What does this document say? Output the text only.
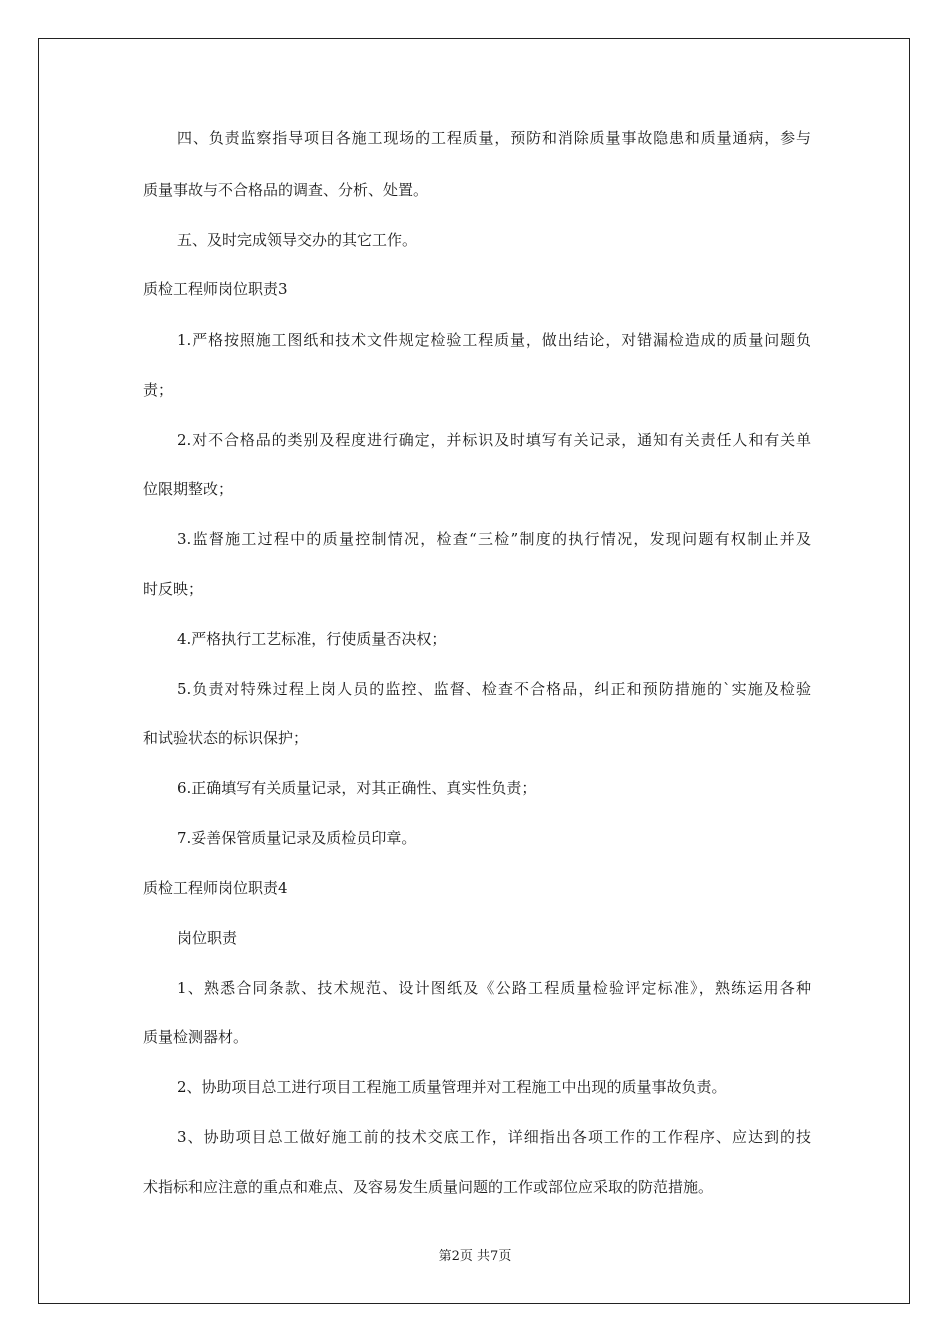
四、负责监察指导项目各施工现场的工程质量，预防和消除质量事故隐患和质量通病，参与
质量事故与不合格品的调查、分析、处置。
五、及时完成领导交办的其它工作。
质检工程师岗位职责3
1.严格按照施工图纸和技术文件规定检验工程质量，做出结论，对错漏检造成的质量问题负
责；
2.对不合格品的类别及程度进行确定，并标识及时填写有关记录，通知有关责任人和有关单
位限期整改；
3.监督施工过程中的质量控制情况，检查“三检”制度的执行情况，发现问题有权制止并及
时反映；
4.严格执行工艺标准，行使质量否决权；
5.负责对特殊过程上岗人员的监控、监督、检查不合格品，纠正和预防措施的`实施及检验
和试验状态的标识保护；
6.正确填写有关质量记录，对其正确性、真实性负责；
7.妥善保管质量记录及质检员印章。
质检工程师岗位职责4
岗位职责
1、熟悉合同条款、技术规范、设计图纸及《公路工程质量检验评定标准》，熟练运用各种
质量检测器材。
2、协助项目总工进行项目工程施工质量管理并对工程施工中出现的质量事故负责。
3、协助项目总工做好施工前的技术交底工作，详细指出各项工作的工作程序、应达到的技
术指标和应注意的重点和难点、及容易发生质量问题的工作或部位应采取的防范措施。
第2页 共7页
